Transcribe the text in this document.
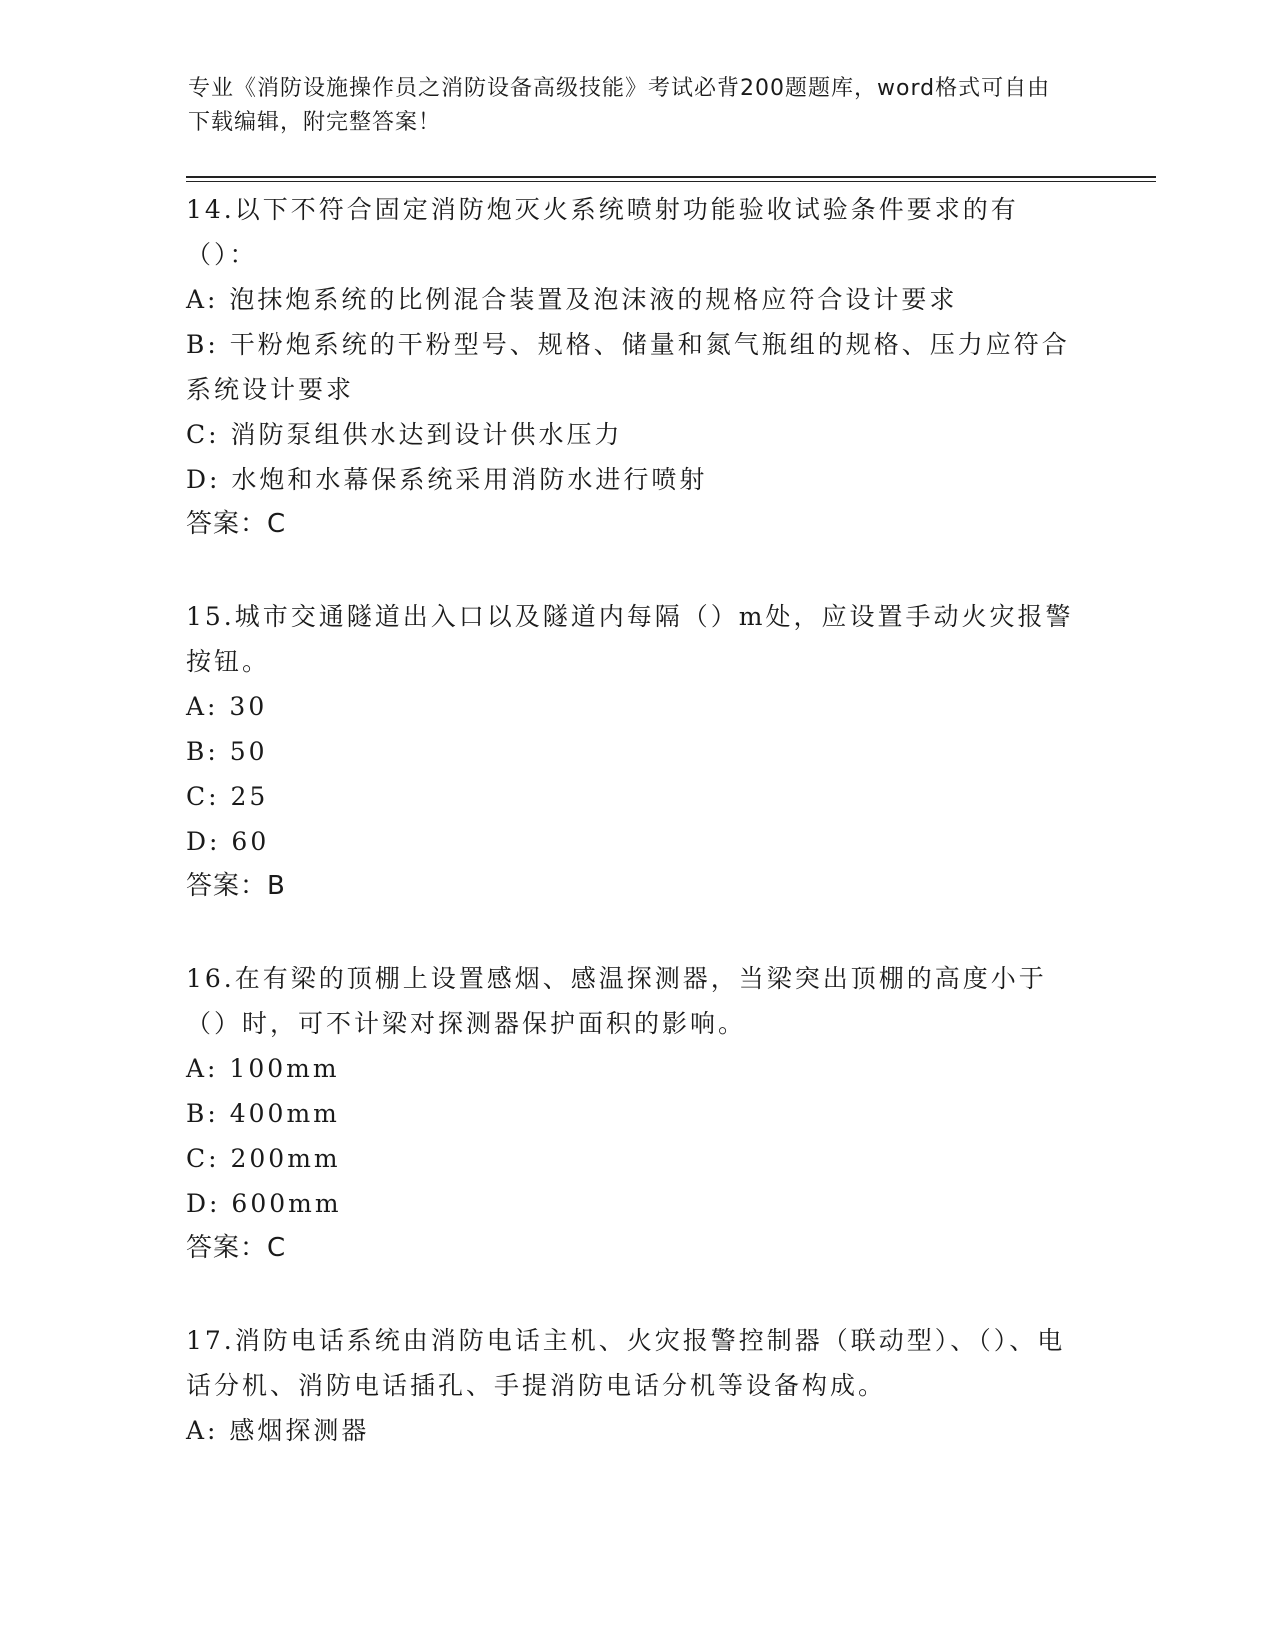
专业《消防设施操作员之消防设备高级技能》考试必背200题题库，word格式可自由下载编辑，附完整答案！
14.以下不符合固定消防炮灭火系统喷射功能验收试验条件要求的有（）：
A: 泡抹炮系统的比例混合装置及泡沫液的规格应符合设计要求
B: 干粉炮系统的干粉型号、规格、储量和氮气瓶组的规格、压力应符合系统设计要求
C: 消防泵组供水达到设计供水压力
D: 水炮和水幕保系统采用消防水进行喷射
答案：C
15.城市交通隧道出入口以及隧道内每隔（）m处，应设置手动火灾报警按钮。
A: 30
B: 50
C: 25
D: 60
答案：B
16.在有梁的顶棚上设置感烟、感温探测器，当梁突出顶棚的高度小于（）时，可不计梁对探测器保护面积的影响。
A: 100mm
B: 400mm
C: 200mm
D: 600mm
答案：C
17.消防电话系统由消防电话主机、火灾报警控制器（联动型）、（）、电话分机、消防电话插孔、手提消防电话分机等设备构成。
A: 感烟探测器
